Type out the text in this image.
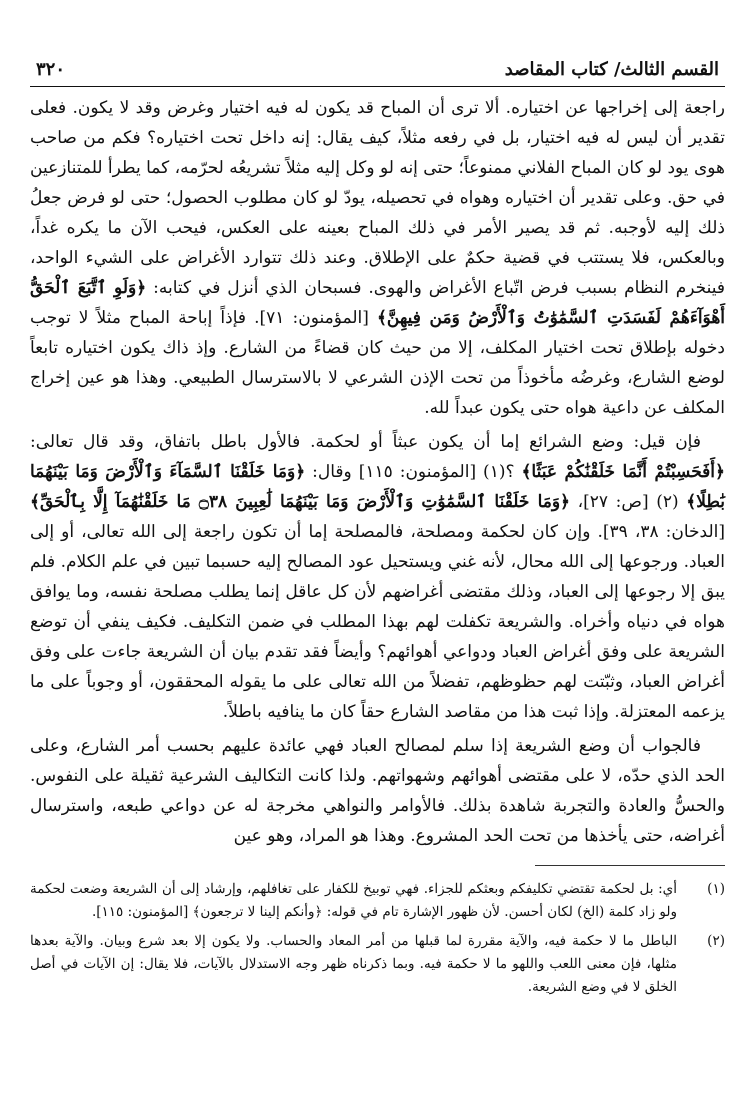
القسم الثالث/ كتاب المقاصد
٣٢٠

راجعة إلى إخراجها عن اختياره. ألا ترى أن المباح قد يكون له فيه اختيار وغرض وقد لا يكون. فعلى تقدير أن ليس له فيه اختيار، بل في رفعه مثلاً، كيف يقال: إنه داخل تحت اختياره؟ فكم من صاحب هوى يود لو كان المباح الفلاني ممنوعاً؛ حتى إنه لو وكل إليه مثلاً تشريعُه لحرّمه، كما يطرأ للمتنازعين في حق. وعلى تقدير أن اختياره وهواه في تحصيله، يودّ لو كان مطلوب الحصول؛ حتى لو فرض جعلُ ذلك إليه لأوجبه. ثم قد يصير الأمر في ذلك المباح بعينه على العكس، فيحب الآن ما يكره غداً، وبالعكس، فلا يستتب في قضية حكمٌ على الإطلاق. وعند ذلك تتوارد الأغراض على الشيء الواحد، فينخرم النظام بسبب فرض اتّباع الأغراض والهوى. فسبحان الذي أنزل في كتابه: ﴿وَلَوِ ٱتَّبَعَ ٱلْحَقُّ أَهْوَآءَهُمْ لَفَسَدَتِ ٱلسَّمَٰوَٰتُ وَٱلْأَرْضُ وَمَن فِيهِنَّ﴾ [المؤمنون: ٧١]. فإذاً إباحة المباح مثلاً لا توجب دخوله بإطلاق تحت اختيار المكلف، إلا من حيث كان قضاءً من الشارع. وإذ ذاك يكون اختياره تابعاً لوضع الشارع، وغرضُه مأخوذاً من تحت الإذن الشرعي لا بالاسترسال الطبيعي. وهذا هو عين إخراج المكلف عن داعية هواه حتى يكون عبداً لله.

فإن قيل: وضع الشرائع إما أن يكون عبثاً أو لحكمة. فالأول باطل باتفاق، وقد قال تعالى: ﴿أَفَحَسِبْتُمْ أَنَّمَا خَلَقْنَٰكُمْ عَبَثًا﴾ ؟(١) [المؤمنون: ١١٥] وقال: ﴿وَمَا خَلَقْنَا ٱلسَّمَآءَ وَٱلْأَرْضَ وَمَا بَيْنَهُمَا بَٰطِلًا﴾ (٢) [ص: ٢٧]، ﴿وَمَا خَلَقْنَا ٱلسَّمَٰوَٰتِ وَٱلْأَرْضَ وَمَا بَيْنَهُمَا لَٰعِبِينَ ۝٣٨ مَا خَلَقْنَٰهُمَآ إِلَّا بِٱلْحَقِّ﴾ [الدخان: ٣٨، ٣٩]. وإن كان لحكمة ومصلحة، فالمصلحة إما أن تكون راجعة إلى الله تعالى، أو إلى العباد. ورجوعها إلى الله محال، لأنه غني ويستحيل عود المصالح إليه حسبما تبين في علم الكلام. فلم يبق إلا رجوعها إلى العباد، وذلك مقتضى أغراضهم لأن كل عاقل إنما يطلب مصلحة نفسه، وما يوافق هواه في دنياه وأخراه. والشريعة تكفلت لهم بهذا المطلب في ضمن التكليف. فكيف ينفي أن توضع الشريعة على وفق أغراض العباد ودواعي أهوائهم؟ وأيضاً فقد تقدم بيان أن الشريعة جاءت على وفق أغراض العباد، وثبّتت لهم حظوظهم، تفضلاً من الله تعالى على ما يقوله المحققون، أو وجوباً على ما يزعمه المعتزلة. وإذا ثبت هذا من مقاصد الشارع حقاً كان ما ينافيه باطلاً.

فالجواب أن وضع الشريعة إذا سلم لمصالح العباد فهي عائدة عليهم بحسب أمر الشارع، وعلى الحد الذي حدّه، لا على مقتضى أهوائهم وشهواتهم. ولذا كانت التكاليف الشرعية ثقيلة على النفوس. والحسُّ والعادة والتجربة شاهدة بذلك. فالأوامر والنواهي مخرجة له عن دواعي طبعه، واسترسال أغراضه، حتى يأخذها من تحت الحد المشروع. وهذا هو المراد، وهو عين

(١)
أي: بل لحكمة تقتضي تكليفكم وبعثكم للجزاء. فهي توبيخ للكفار على تغافلهم، وإرشاد إلى أن الشريعة وضعت لحكمة ولو زاد كلمة (الخ) لكان أحسن. لأن ظهور الإشارة تام في قوله: ﴿وأنكم إلينا لا ترجعون﴾ [المؤمنون: ١١٥].
(٢)
الباطل ما لا حكمة فيه، والآية مقررة لما قبلها من أمر المعاد والحساب. ولا يكون إلا بعد شرع وبيان. والآية بعدها مثلها، فإن معنى اللعب واللهو ما لا حكمة فيه. وبما ذكرناه ظهر وجه الاستدلال بالآيات، فلا يقال: إن الآيات في أصل الخلق لا في وضع الشريعة.
